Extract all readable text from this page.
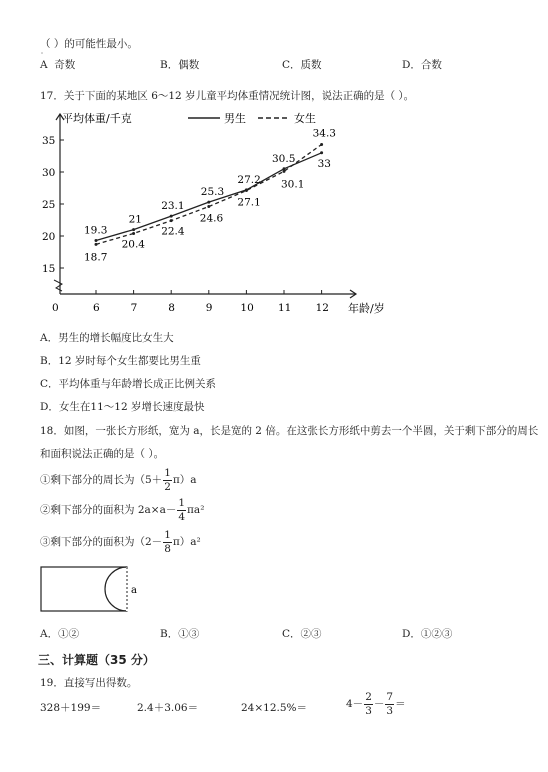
（ ）的可能性最小。
˙
A 奇数	B．偶数	C．质数	D．合数
17．关于下面的某地区 6～12 岁儿童平均体重情况统计图，说法正确的是（ ）。
平均体重/千克
年龄/岁
15
20
25
30
35
0	6	7	8	9	10 11 12
男生	女生
19.3
21
23.1
25.3
27.2
30.5 33
18.7
20.4
22.4
24.6
27.1
30.1
34.3
A．男生的增长幅度比女生大
B．12 岁时每个女生都要比男生重
C．平均体重与年龄增长成正比例关系
D．女生在11～12 岁增长速度最快
18．如图，一张长方形纸，宽为 a，长是宽的 2 倍。在这张长方形纸中剪去一个半圆，关于剩下部分的周长
和面积说法正确的是（ ）。
①剩下部分的周长为$(5+ \frac{1}{2} \pi)a$
②剩下部分的面积为 $2a\times a- \frac{1}{4} \pi a^2$
③剩下部分的面积为$(2- \frac{1}{8} \pi)a^2$
a
A．①②	B．①③	C．②③	D．①②③
三、计算题（35 分）
19．直接写出得数。
328＋199＝	2.4＋3.06＝	24×12.5%＝	$4- \frac{2}{3} - \frac{7}{3}$ ＝
